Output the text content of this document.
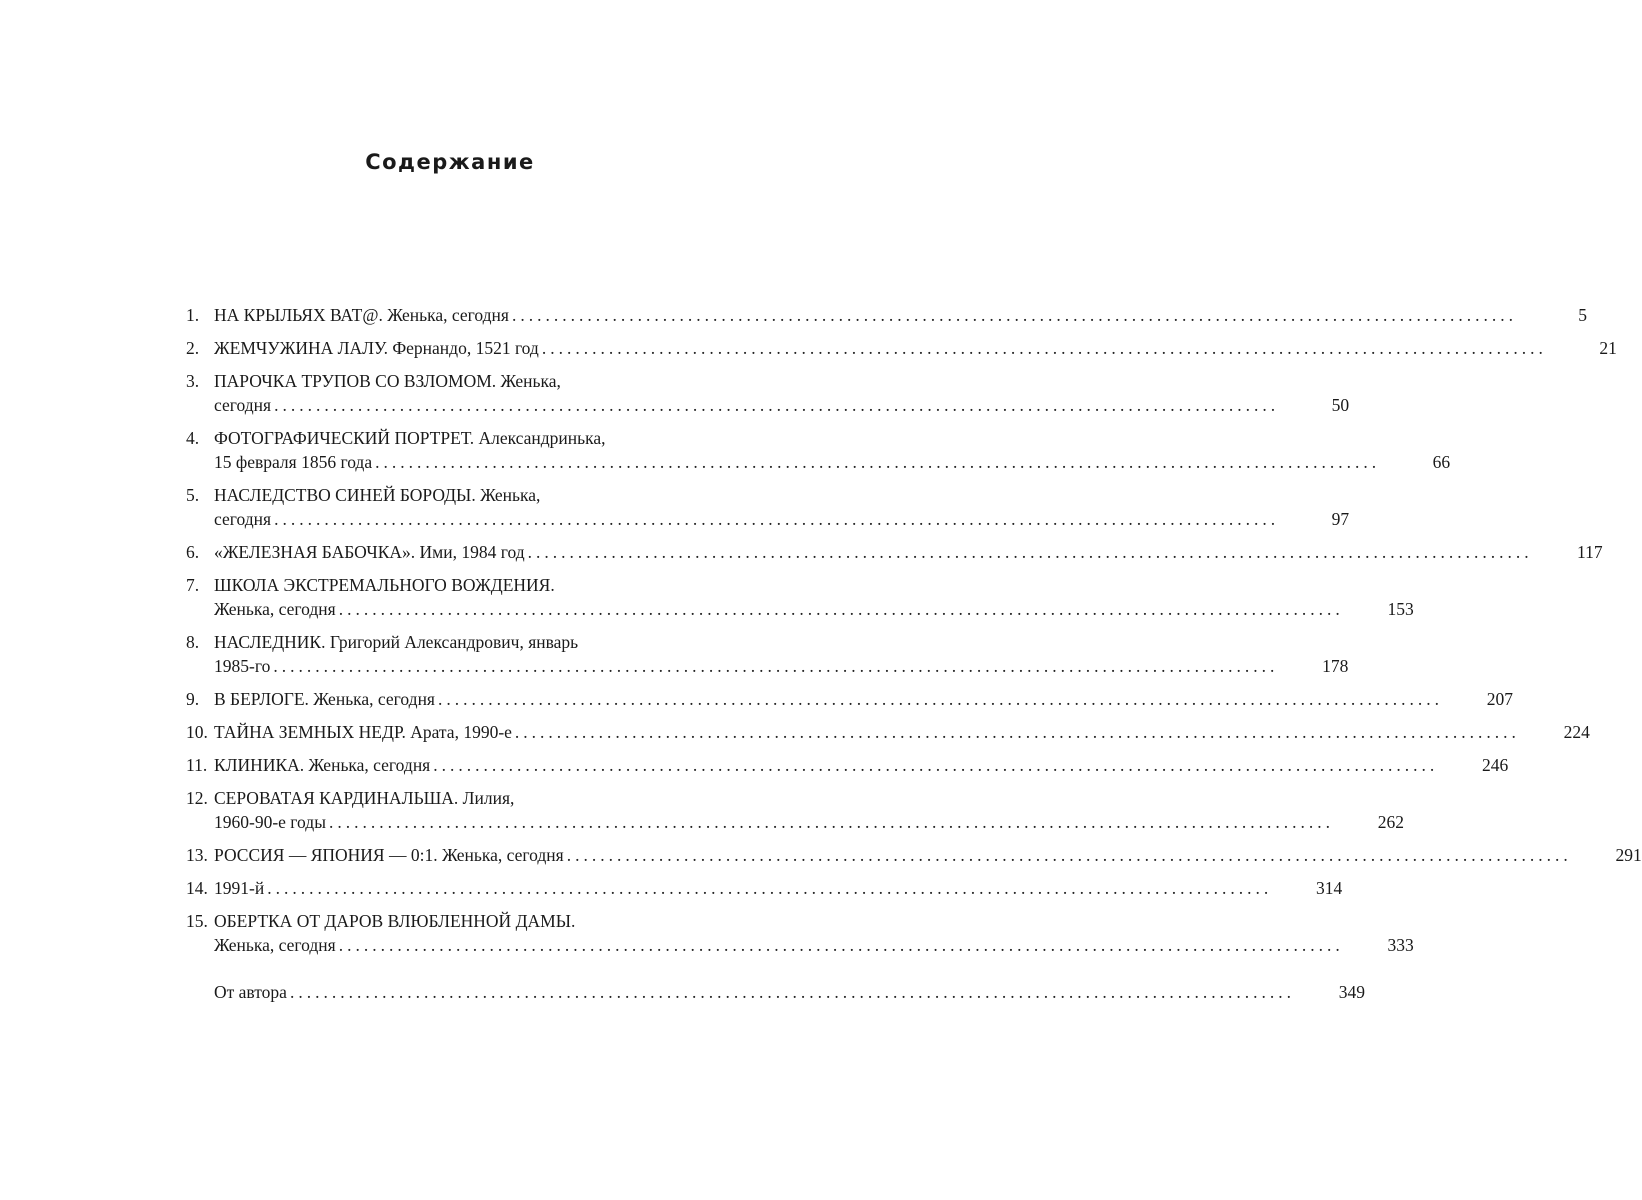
Содержание
1. НА КРЫЛЬЯХ ВАТ@. Женька, сегодня ........................................................................................................................	5
2. ЖЕМЧУЖИНА ЛАЛУ. Фернандо, 1521 год ........................................................................................................................	21
3. ПАРОЧКА ТРУПОВ СО ВЗЛОМОМ. Женька,
сегодня ........................................................................................................................	50
4. ФОТОГРАФИЧЕСКИЙ ПОРТРЕТ. Александринька,
15 февраля 1856 года ........................................................................................................................	66
5. НАСЛЕДСТВО СИНЕЙ БОРОДЫ. Женька,
сегодня ........................................................................................................................	97
6. «ЖЕЛЕЗНАЯ БАБОЧКА». Ими, 1984 год ........................................................................................................................	117
7. ШКОЛА ЭКСТРЕМАЛЬНОГО ВОЖДЕНИЯ.
Женька, сегодня ........................................................................................................................	153
8. НАСЛЕДНИК. Григорий Александрович, январь
1985-го ........................................................................................................................	178
9. В БЕРЛОГЕ. Женька, сегодня ........................................................................................................................	207
10. ТАЙНА ЗЕМНЫХ НЕДР. Арата, 1990-е ........................................................................................................................	224
11. КЛИНИКА. Женька, сегодня ........................................................................................................................	246
12. СЕРОВАТАЯ КАРДИНАЛЬША. Лилия,
1960-90-е годы ........................................................................................................................	262
13. РОССИЯ — ЯПОНИЯ — 0:1. Женька, сегодня ........................................................................................................................	291
14. 1991-й ........................................................................................................................	314
15. ОБЕРТКА ОТ ДАРОВ ВЛЮБЛЕННОЙ ДАМЫ.
Женька, сегодня ........................................................................................................................	333
От автора ........................................................................................................................	349
